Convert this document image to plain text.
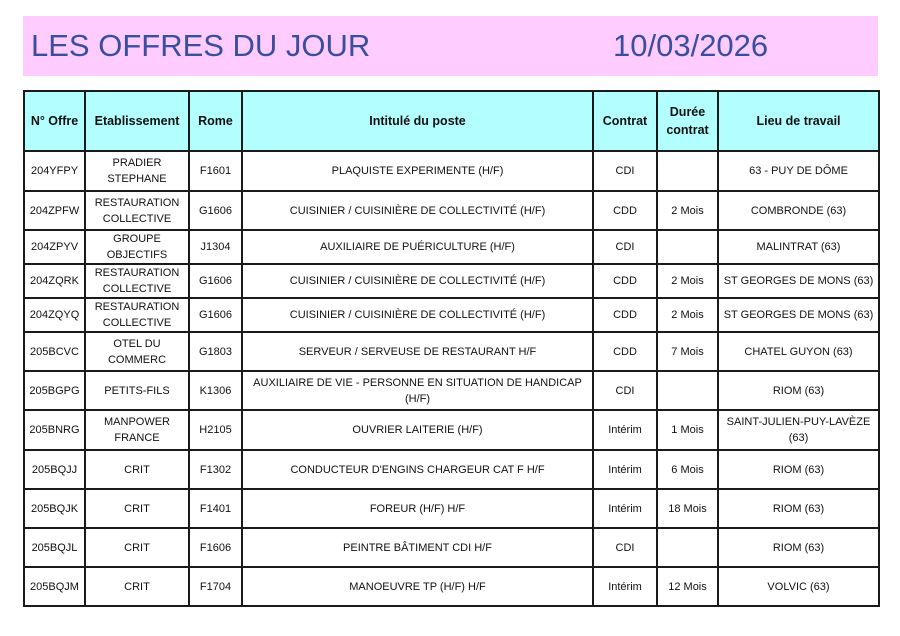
LES OFFRES DU JOUR	10/03/2026
N° Offre	Etablissement	Rome	Intitulé du poste	Contrat	Durée contrat	Lieu de travail
204YFPY	PRADIER STEPHANE	F1601	PLAQUISTE EXPERIMENTE (H/F)	CDI		63 - PUY DE DÔME
204ZPFW	RESTAURATION COLLECTIVE	G1606	CUISINIER / CUISINIÈRE DE COLLECTIVITÉ (H/F)	CDD	2 Mois	COMBRONDE (63)
204ZPYV	GROUPE OBJECTIFS	J1304	AUXILIAIRE DE PUÉRICULTURE (H/F)	CDI		MALINTRAT (63)
204ZQRK	RESTAURATION COLLECTIVE	G1606	CUISINIER / CUISINIÈRE DE COLLECTIVITÉ (H/F)	CDD	2 Mois	ST GEORGES DE MONS (63)
204ZQYQ	RESTAURATION COLLECTIVE	G1606	CUISINIER / CUISINIÈRE DE COLLECTIVITÉ (H/F)	CDD	2 Mois	ST GEORGES DE MONS (63)
205BCVC	OTEL DU COMMERC	G1803	SERVEUR / SERVEUSE DE RESTAURANT H/F	CDD	7 Mois	CHATEL GUYON (63)
205BGPG	PETITS-FILS	K1306	AUXILIAIRE DE VIE - PERSONNE EN SITUATION DE HANDICAP (H/F)	CDI		RIOM (63)
205BNRG	MANPOWER FRANCE	H2105	OUVRIER LAITERIE (H/F)	Intérim	1 Mois	SAINT-JULIEN-PUY-LAVÈZE (63)
205BQJJ	CRIT	F1302	CONDUCTEUR D'ENGINS CHARGEUR CAT F H/F	Intérim	6 Mois	RIOM (63)
205BQJK	CRIT	F1401	FOREUR (H/F) H/F	Intérim	18 Mois	RIOM (63)
205BQJL	CRIT	F1606	PEINTRE BÂTIMENT CDI H/F	CDI		RIOM (63)
205BQJM	CRIT	F1704	MANOEUVRE TP (H/F) H/F	Intérim	12 Mois	VOLVIC (63)
